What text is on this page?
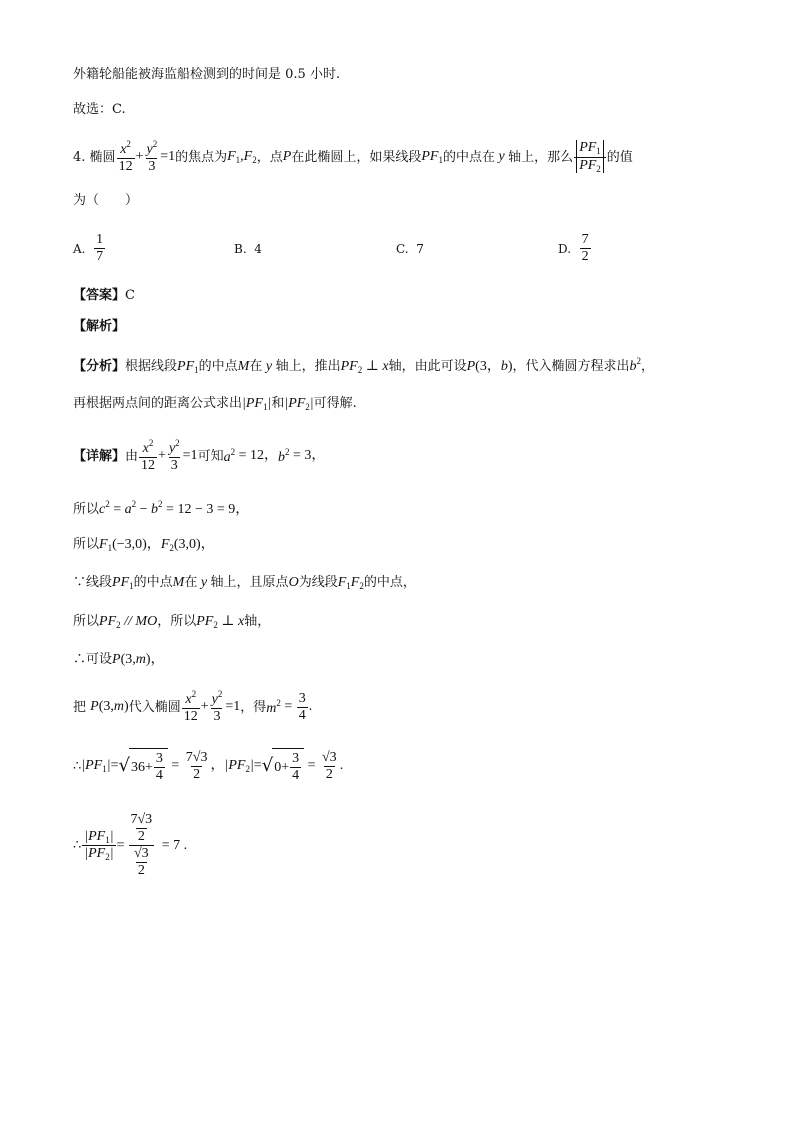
外籍轮船能被海监船检测到的时间是 0.5 小时.
故选：C.
4.
椭圆 $\frac{x^2}{12} + \frac{y^2}{3} =1$ 的焦点为 $F_1,F_2$ ，点 P 在此椭圆上，如果线段 $PF_1$ 的中点在 y 轴上，那么 $\frac{PF_1}{PF_2}$ 的值
为（　　）
A.
$\frac{1}{7}$	B. 4	C. 7	D.
$\frac{7}{2}$
【答案】C
【解析】
【分析】根据线段$PF_1$的中点M在 y 轴上，推出$PF_2$ ⊥ x轴，由此可设P(3，b)，代入椭圆方程求出$b^2$，
再根据两点间的距离公式求出$|PF_1|$和$|PF_2|$可得解.
【详解】 由 $\frac{x^2}{12} + \frac{y^2}{3} =1$ 可知 $a^2 = 12$， $b^2 = 3$，
所以$c^2 = a^2 - b^2 = 12 - 3 = 9$，
所以$F_1(-3,0)$，$F_2(3,0)$，
∵线段$PF_1$的中点M在 y 轴上，且原点O为线段$F_1F_2$的中点，
所以$PF_2$ // MO，所以$PF_2$ ⊥ x轴，
∴可设P(3,m)，
把
P (3, m ) 代入椭圆 $\frac{x^2}{12} + \frac{y^2}{3} =1$ ，得 $m^2 = \frac{3}{4}$ .
∴ $|PF_1|$ = √ $36+ \frac{3}{4} = \frac{7√3}{2}$ ， $|PF_2|$ = √ $0+ \frac{3}{4} = \frac{√3}{2}$ .
∴ $\frac{|PF_1|}{|PF_2|} = \frac{\frac{7√3}{2}}{\frac{√3}{2}} = 7$ .
